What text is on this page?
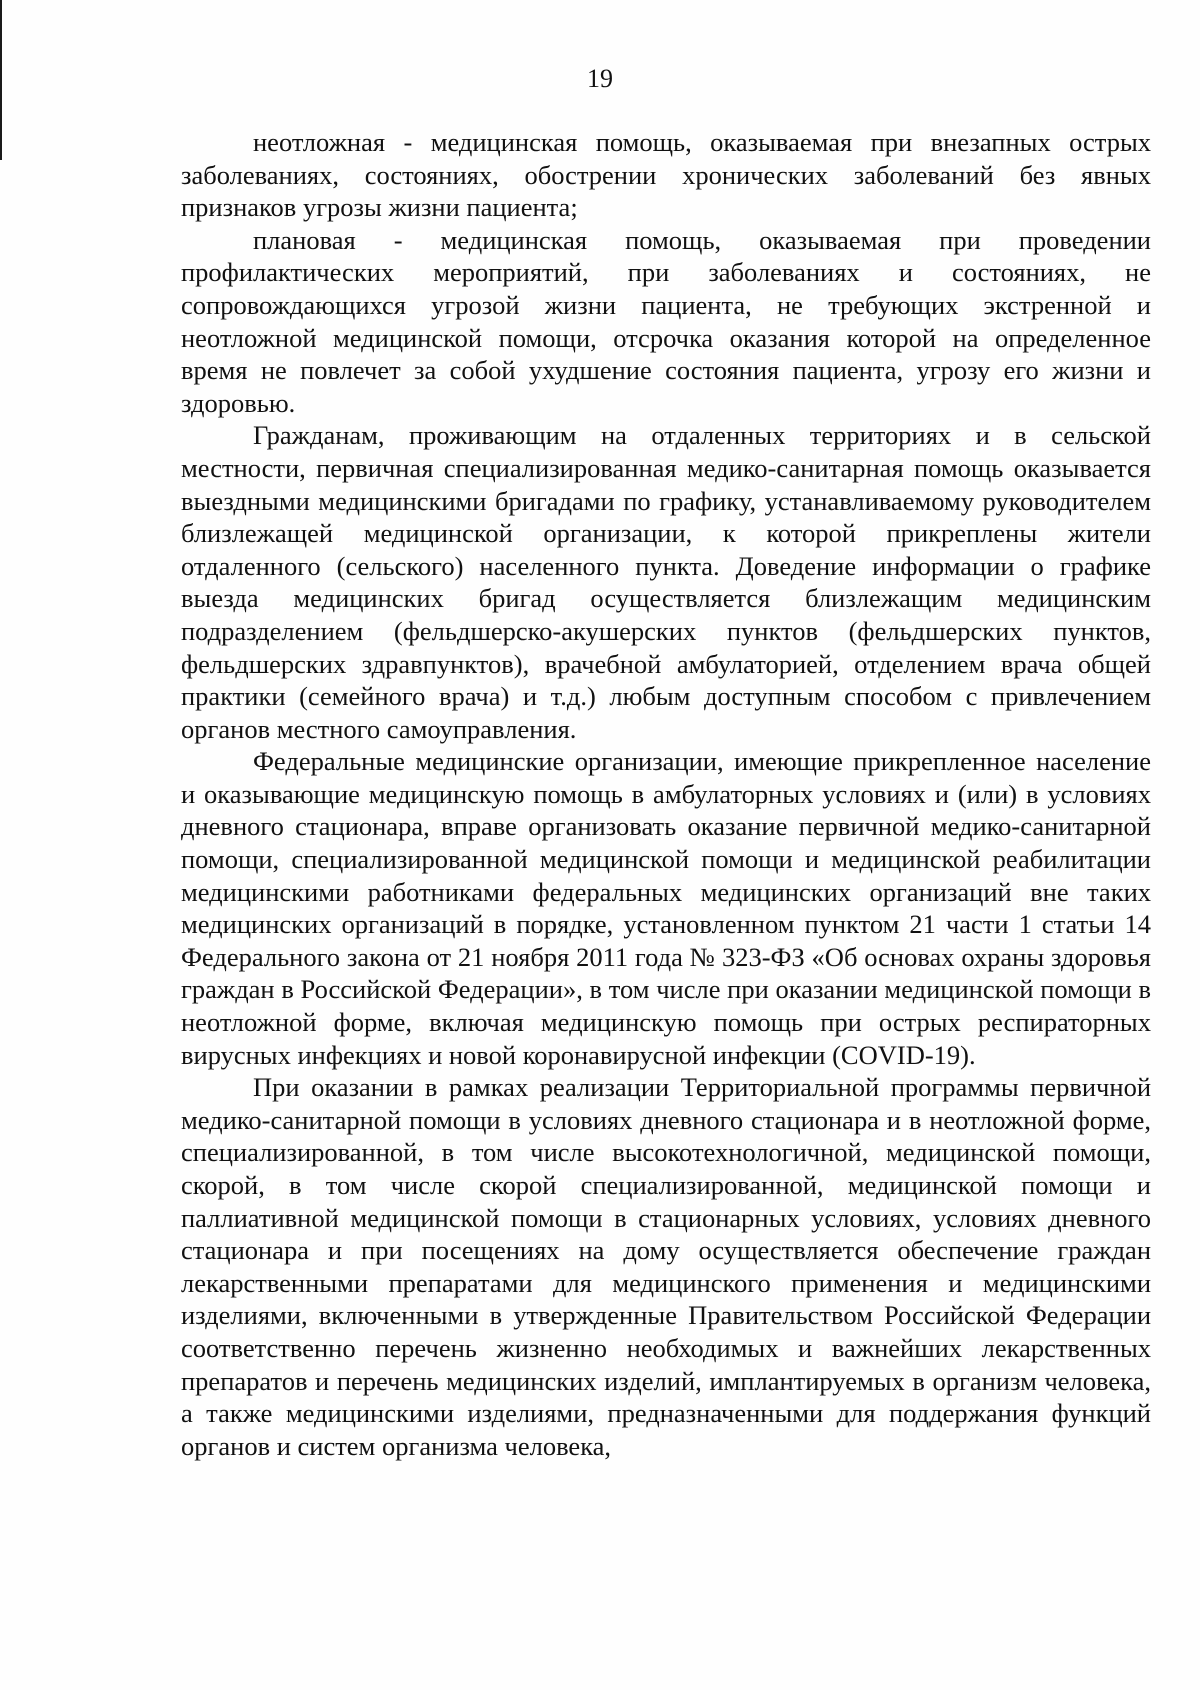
19

неотложная - медицинская помощь, оказываемая при внезапных острых заболеваниях, состояниях, обострении хронических заболеваний без явных признаков угрозы жизни пациента;

плановая - медицинская помощь, оказываемая при проведении профилактических мероприятий, при заболеваниях и состояниях, не сопровождающихся угрозой жизни пациента, не требующих экстренной и неотложной медицинской помощи, отсрочка оказания которой на определенное время не повлечет за собой ухудшение состояния пациента, угрозу его жизни и здоровью.

Гражданам, проживающим на отдаленных территориях и в сельской местности, первичная специализированная медико-санитарная помощь оказывается выездными медицинскими бригадами по графику, устанавливаемому руководителем близлежащей медицинской организации, к которой прикреплены жители отдаленного (сельского) населенного пункта. Доведение информации о графике выезда медицинских бригад осуществляется близлежащим медицинским подразделением (фельдшерско-акушерских пунктов (фельдшерских пунктов, фельдшерских здравпунктов), врачебной амбулаторией, отделением врача общей практики (семейного врача) и т.д.) любым доступным способом с привлечением органов местного самоуправления.

Федеральные медицинские организации, имеющие прикрепленное население и оказывающие медицинскую помощь в амбулаторных условиях и (или) в условиях дневного стационара, вправе организовать оказание первичной медико-санитарной помощи, специализированной медицинской помощи и медицинской реабилитации медицинскими работниками федеральных медицинских организаций вне таких медицинских организаций в порядке, установленном пунктом 21 части 1 статьи 14 Федерального закона от 21 ноября 2011 года № 323-ФЗ «Об основах охраны здоровья граждан в Российской Федерации», в том числе при оказании медицинской помощи в неотложной форме, включая медицинскую помощь при острых респираторных вирусных инфекциях и новой коронавирусной инфекции (COVID-19).

При оказании в рамках реализации Территориальной программы первичной медико-санитарной помощи в условиях дневного стационара и в неотложной форме, специализированной, в том числе высокотехнологичной, медицинской помощи, скорой, в том числе скорой специализированной, медицинской помощи и паллиативной медицинской помощи в стационарных условиях, условиях дневного стационара и при посещениях на дому осуществляется обеспечение граждан лекарственными препаратами для медицинского применения и медицинскими изделиями, включенными в утвержденные Правительством Российской Федерации соответственно перечень жизненно необходимых и важнейших лекарственных препаратов и перечень медицинских изделий, имплантируемых в организм человека, а также медицинскими изделиями, предназначенными для поддержания функций органов и систем организма человека,
